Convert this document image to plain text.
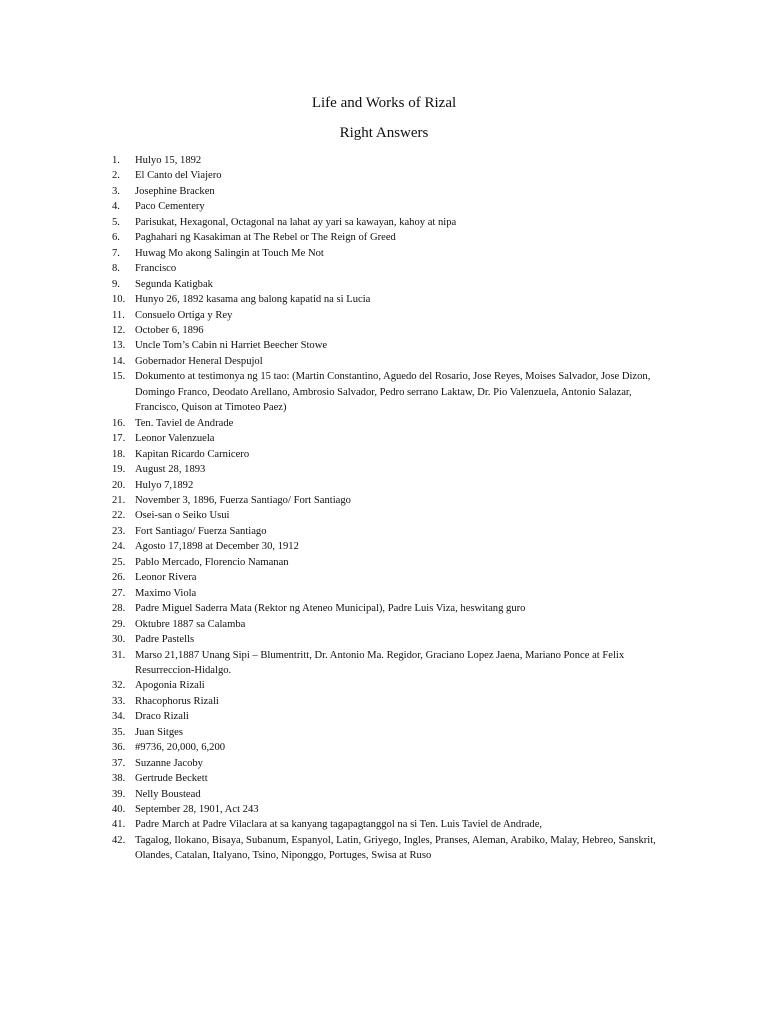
Life and Works of Rizal
Right Answers
1.	Hulyo 15, 1892
2.	El Canto del Viajero
3.	Josephine Bracken
4.	Paco Cementery
5.	Parisukat, Hexagonal, Octagonal na lahat ay yari sa kawayan, kahoy at nipa
6.	Paghahari ng Kasakiman at The Rebel or The Reign of Greed
7.	Huwag Mo akong Salingin at Touch Me Not
8.	Francisco
9.	Segunda Katigbak
10. Hunyo 26, 1892 kasama ang balong kapatid na si Lucia
11. Consuelo Ortiga y Rey
12. October 6, 1896
13. Uncle Tom’s Cabin ni Harriet Beecher Stowe
14. Gobernador Heneral Despujol
15. Dokumento at testimonya ng 15 tao: (Martin Constantino, Aguedo del Rosario, Jose Reyes, Moises Salvador, Jose Dizon, Domingo Franco, Deodato Arellano, Ambrosio Salvador, Pedro serrano Laktaw, Dr. Pio Valenzuela, Antonio Salazar, Francisco, Quison at Timoteo Paez)
16. Ten. Taviel de Andrade
17. Leonor Valenzuela
18. Kapitan Ricardo Carnicero
19. August 28, 1893
20. Hulyo 7,1892
21. November 3, 1896, Fuerza Santiago/ Fort Santiago
22. Osei-san o Seiko Usui
23. Fort Santiago/ Fuerza Santiago
24. Agosto 17,1898 at December 30, 1912
25. Pablo Mercado, Florencio Namanan
26. Leonor Rivera
27. Maximo Viola
28. Padre Miguel Saderra Mata (Rektor ng Ateneo Municipal), Padre Luis Viza, heswitang guro
29. Oktubre 1887 sa Calamba
30. Padre Pastells
31. Marso 21,1887 Unang Sipi – Blumentritt, Dr. Antonio Ma. Regidor, Graciano Lopez Jaena, Mariano Ponce at Felix Resurreccion-Hidalgo.
32. Apogonia Rizali
33. Rhacophorus Rizali
34. Draco Rizali
35. Juan Sitges
36. #9736, 20,000, 6,200
37. Suzanne Jacoby
38. Gertrude Beckett
39. Nelly Boustead
40. September 28, 1901, Act 243
41. Padre March at Padre Vilaclara at sa kanyang tagapagtanggol na si Ten. Luis Taviel de Andrade,
42. Tagalog, Ilokano, Bisaya, Subanum, Espanyol, Latin, Griyego, Ingles, Pranses, Aleman, Arabiko, Malay, Hebreo, Sanskrit, Olandes, Catalan, Italyano, Tsino, Niponggo, Portuges, Swisa at Ruso
